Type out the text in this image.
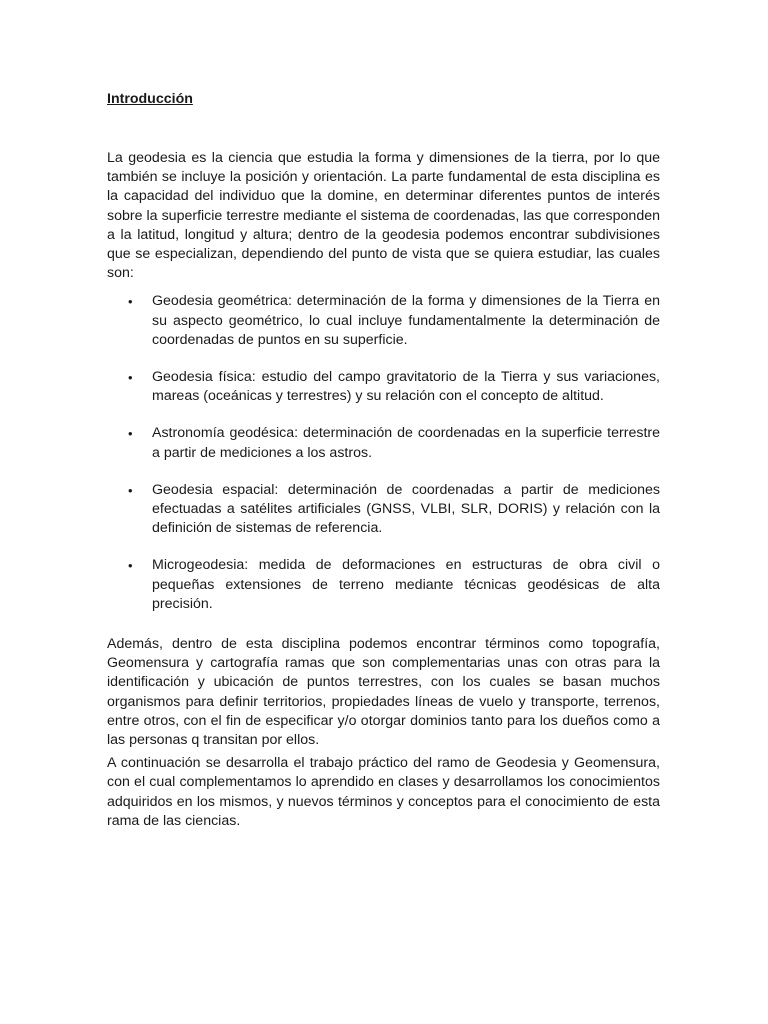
Introducción

La geodesia es la ciencia que estudia la forma y dimensiones de la tierra, por lo que también se incluye la posición y orientación. La parte fundamental de esta disciplina es la capacidad del individuo que la domine, en determinar diferentes puntos de interés sobre la superficie terrestre mediante el sistema de coordenadas, las que corresponden a la latitud, longitud y altura; dentro de la geodesia podemos encontrar subdivisiones que se especializan, dependiendo del punto de vista que se quiera estudiar, las cuales son:

• Geodesia geométrica: determinación de la forma y dimensiones de la Tierra en su aspecto geométrico, lo cual incluye fundamentalmente la determinación de coordenadas de puntos en su superficie.
• Geodesia física: estudio del campo gravitatorio de la Tierra y sus variaciones, mareas (oceánicas y terrestres) y su relación con el concepto de altitud.
• Astronomía geodésica: determinación de coordenadas en la superficie terrestre a partir de mediciones a los astros.
• Geodesia espacial: determinación de coordenadas a partir de mediciones efectuadas a satélites artificiales (GNSS, VLBI, SLR, DORIS) y relación con la definición de sistemas de referencia.
• Microgeodesia: medida de deformaciones en estructuras de obra civil o pequeñas extensiones de terreno mediante técnicas geodésicas de alta precisión.

Además, dentro de esta disciplina podemos encontrar términos como topografía, Geomensura y cartografía ramas que son complementarias unas con otras para la identificación y ubicación de puntos terrestres, con los cuales se basan muchos organismos para definir territorios, propiedades líneas de vuelo y transporte, terrenos, entre otros, con el fin de especificar y/o otorgar dominios tanto para los dueños como a las personas q transitan por ellos.

A continuación se desarrolla el trabajo práctico del ramo de Geodesia y Geomensura, con el cual complementamos lo aprendido en clases y desarrollamos los conocimientos adquiridos en los mismos, y nuevos términos y conceptos para el conocimiento de esta rama de las ciencias.
